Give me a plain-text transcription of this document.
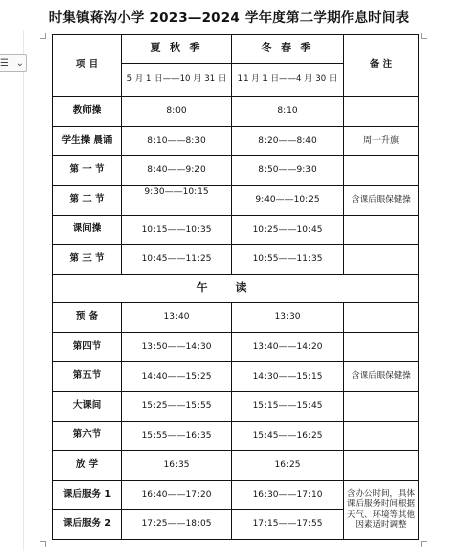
时集镇蒋沟小学 2023—2024 学年度第二学期作息时间表
☰ ⌄	项 目	夏 秋 季	冬 春 季	备 注
	5 月 1 日——10 月 31 日	11 月 1 日——4 月 30 日	
教师操	8:00	8:10	
学生操 晨诵	8:10——8:30	8:20——8:40	周一升旗
第 一 节	8:40——9:20	8:50——9:30	
第 二 节	9:30——10:15	9:40——10:25	含课后眼保健操
课间操	10:15——10:35	10:25——10:45	
第 三 节	10:45——11:25	10:55——11:35	
午读			
预 备	13:40	13:30	
第四节	13:50——14:30	13:40——14:20	
第五节	14:40——15:25	14:30——15:15	含课后眼保健操
大课间	15:25——15:55	15:15——15:45	
第六节	15:55——16:35	15:45——16:25	
放 学	16:35	16:25	
课后服务 1	16:40——17:20	16:30——17:10	含办公时间，具体课后服务时间根据天气、环境等其他因素适时调整
课后服务 2	17:25——18:05	17:15——17:55	
